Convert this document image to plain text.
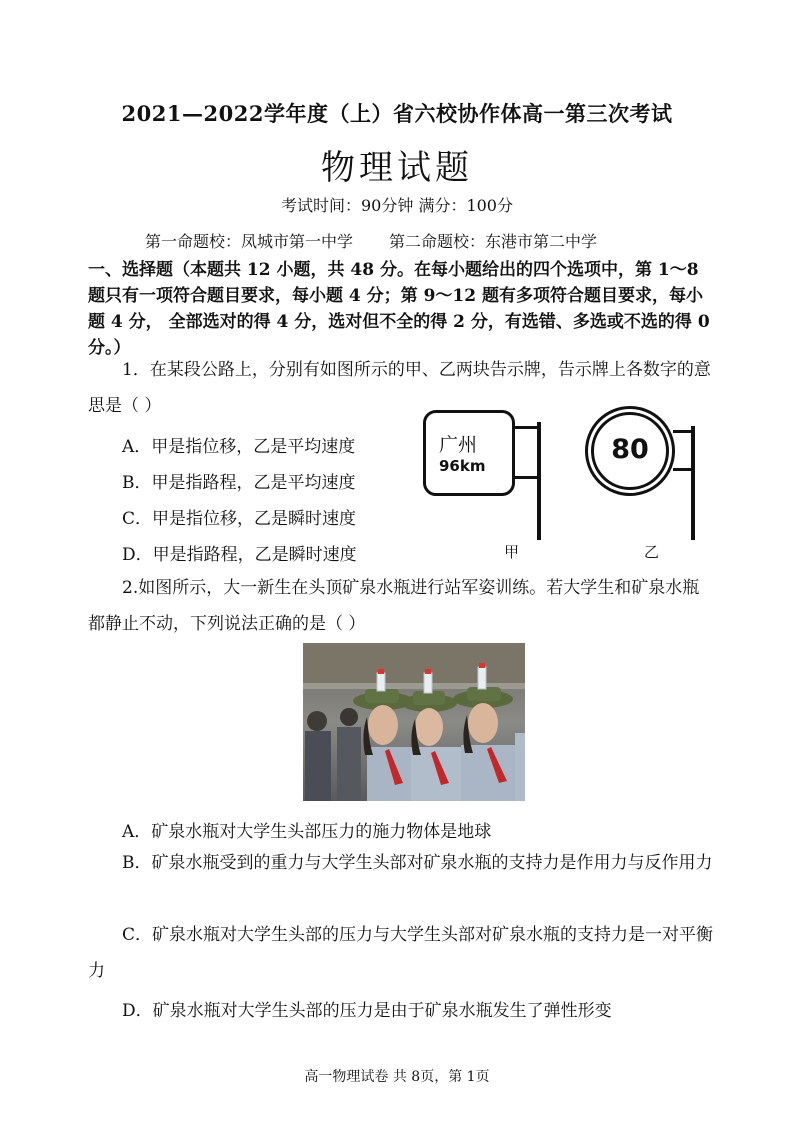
2021—2022学年度（上）省六校协作体高一第三次考试
物理试题
考试时间：90分钟 满分：100分
第一命题校：凤城市第一中学 第二命题校：东港市第二中学
一、选择题（本题共 12 小题，共 48 分。在每小题给出的四个选项中，第 1～8 题只有一项符合题目要求，每小题 4 分；第 9～12 题有多项符合题目要求，每小题 4 分， 全部选对的得 4 分，选对但不全的得 2 分，有选错、多选或不选的得 0 分。）
1．在某段公路上，分别有如图所示的甲、乙两块告示牌，告示牌上各数字的意思是（ ）
A．甲是指位移，乙是平均速度
B．甲是指路程，乙是平均速度
C．甲是指位移，乙是瞬时速度
D．甲是指路程，乙是瞬时速度
广州
96km
甲
80
乙
2.如图所示，大一新生在头顶矿泉水瓶进行站军姿训练。若大学生和矿泉水瓶都静止不动，下列说法正确的是（ ）
A．矿泉水瓶对大学生头部压力的施力物体是地球
B．矿泉水瓶受到的重力与大学生头部对矿泉水瓶的支持力是作用力与反作用力
C．矿泉水瓶对大学生头部的压力与大学生头部对矿泉水瓶的支持力是一对平衡力
D．矿泉水瓶对大学生头部的压力是由于矿泉水瓶发生了弹性形变
高一物理试卷 共 8页，第 1页
